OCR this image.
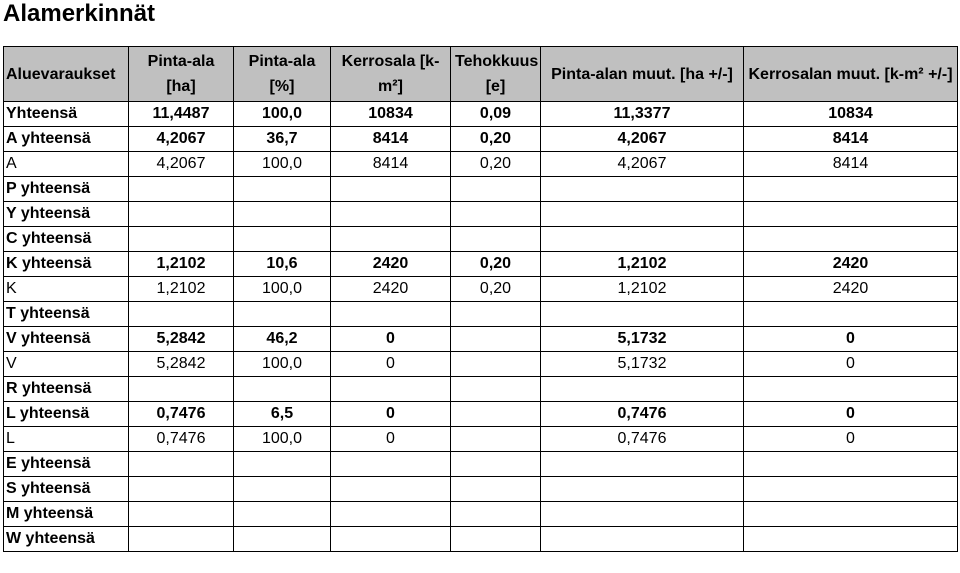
Alamerkinnät
Aluevaraukset	Pinta-ala [ha]	Pinta-ala [%]	Kerrosala [k-m²]	Tehokkuus [e]	Pinta-alan muut. [ha +/-]	Kerrosalan muut. [k-m² +/-]
Yhteensä	11,4487	100,0	10834	0,09	11,3377	10834
A yhteensä	4,2067	36,7	8414	0,20	4,2067	8414
A	4,2067	100,0	8414	0,20	4,2067	8414
P yhteensä						
Y yhteensä						
C yhteensä						
K yhteensä	1,2102	10,6	2420	0,20	1,2102	2420
K	1,2102	100,0	2420	0,20	1,2102	2420
T yhteensä						
V yhteensä	5,2842	46,2	0		5,1732	0
V	5,2842	100,0	0		5,1732	0
R yhteensä						
L yhteensä	0,7476	6,5	0		0,7476	0
L	0,7476	100,0	0		0,7476	0
E yhteensä						
S yhteensä						
M yhteensä						
W yhteensä						
